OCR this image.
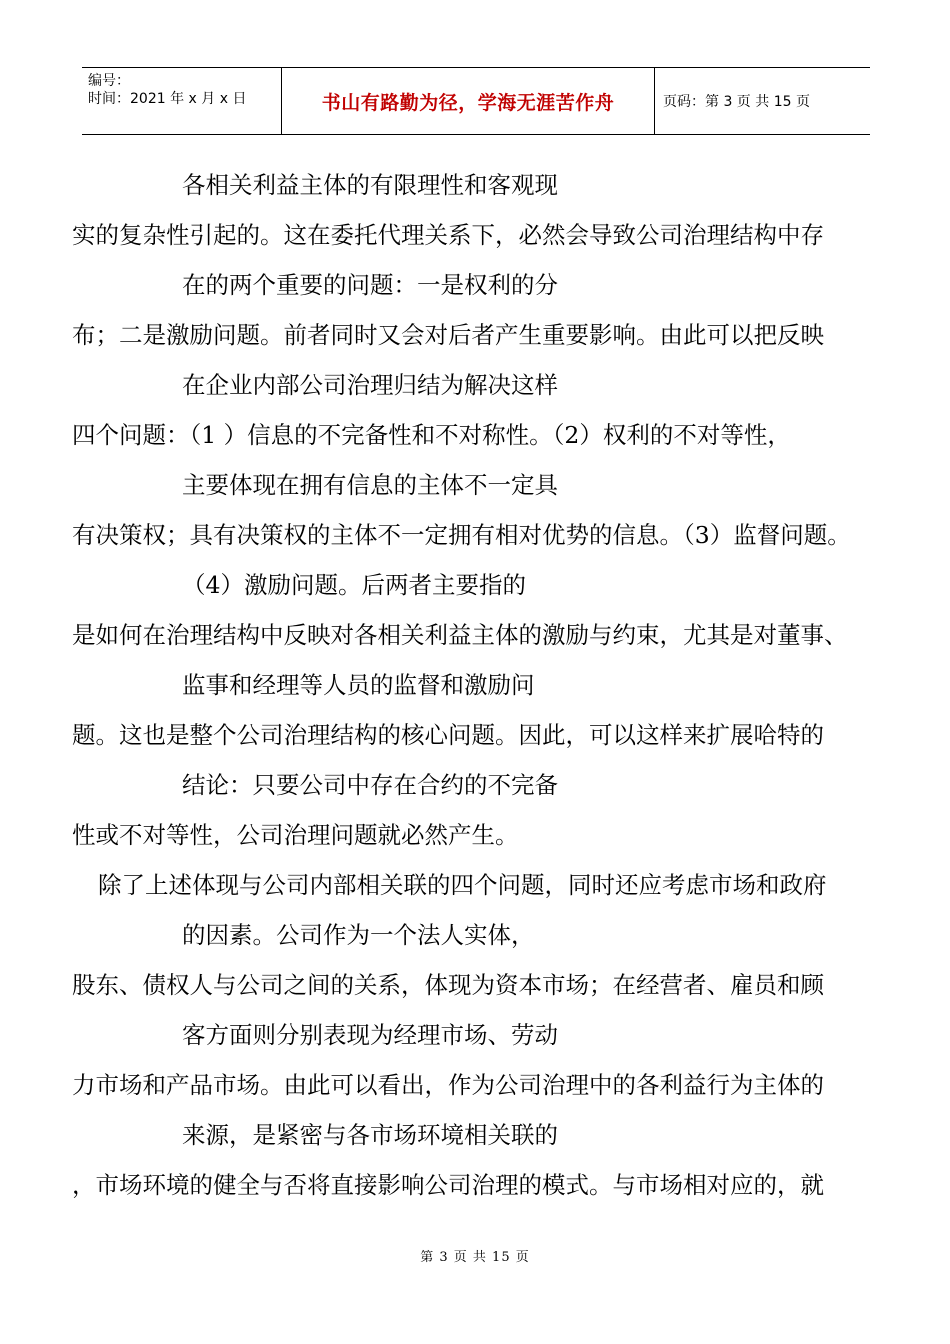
编号：
时间：2021 年 x 月 x 日	书山有路勤为径，学海无涯苦作舟	页码：第 3 页 共 15 页
各相关利益主体的有限理性和客观现
实的复杂性引起的。这在委托代理关系下，必然会导致公司治理结构中存
在的两个重要的问题：一是权利的分
布；二是激励问题。前者同时又会对后者产生重要影响。由此可以把反映
在企业内部公司治理归结为解决这样
四个问题：（1 ）信息的不完备性和不对称性。（2）权利的不对等性，
主要体现在拥有信息的主体不一定具
有决策权；具有决策权的主体不一定拥有相对优势的信息。（3）监督问题。
（4）激励问题。后两者主要指的
是如何在治理结构中反映对各相关利益主体的激励与约束，尤其是对董事、
监事和经理等人员的监督和激励问
题。这也是整个公司治理结构的核心问题。因此，可以这样来扩展哈特的
结论：只要公司中存在合约的不完备
性或不对等性，公司治理问题就必然产生。
除了上述体现与公司内部相关联的四个问题，同时还应考虑市场和政府
的因素。公司作为一个法人实体，
股东、债权人与公司之间的关系，体现为资本市场；在经营者、雇员和顾
客方面则分别表现为经理市场、劳动
力市场和产品市场。由此可以看出，作为公司治理中的各利益行为主体的
来源，是紧密与各市场环境相关联的
，市场环境的健全与否将直接影响公司治理的模式。与市场相对应的，就
第 3 页 共 15 页
